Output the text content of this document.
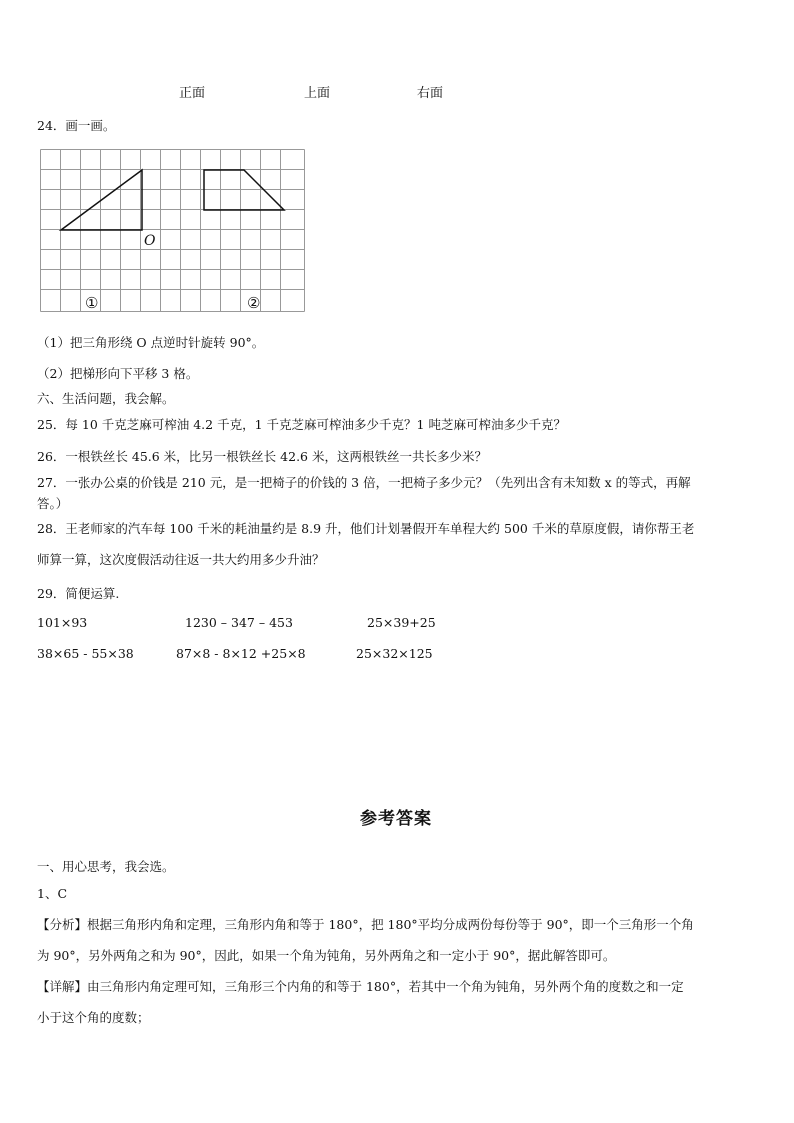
正面	上面	右面
24．画一画。
O
①	②
（1）把三角形绕 O 点逆时针旋转 90°。
（2）把梯形向下平移 3 格。
六、生活问题，我会解。
25．每 10 千克芝麻可榨油 4.2 千克，1 千克芝麻可榨油多少千克？1 吨芝麻可榨油多少千克？
26．一根铁丝长 45.6 米，比另一根铁丝长 42.6 米，这两根铁丝一共长多少米？
27．一张办公桌的价钱是 210 元，是一把椅子的价钱的 3 倍，一把椅子多少元？（先列出含有未知数 x 的等式，再解
答。）
28．王老师家的汽车每 100 千米的耗油量约是 8.9 升，他们计划暑假开车单程大约 500 千米的草原度假，请你帮王老
师算一算，这次度假活动往返一共大约用多少升油？
29．简便运算.
101×93	1230 – 347 – 453	25×39+25
38×65 - 55×38	87×8 - 8×12 +25×8	25×32×125
参考答案
一、用心思考，我会选。
1、C
【分析】根据三角形内角和定理，三角形内角和等于 180°，把 180°平均分成两份每份等于 90°，即一个三角形一个角
为 90°，另外两角之和为 90°，因此，如果一个角为钝角，另外两角之和一定小于 90°，据此解答即可。
【详解】由三角形内角定理可知，三角形三个内角的和等于 180°，若其中一个角为钝角，另外两个角的度数之和一定
小于这个角的度数；
